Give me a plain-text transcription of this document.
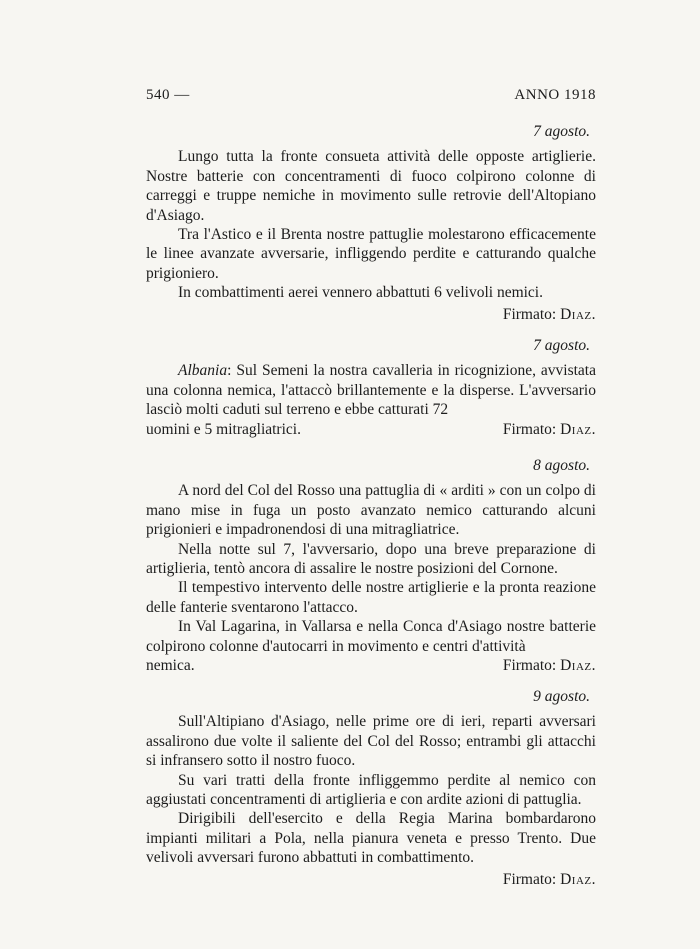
540 —	ANNO 1918
7 agosto.

Lungo tutta la fronte consueta attività delle opposte artiglierie. Nostre batterie con concentramenti di fuoco colpirono colonne di carreggi e truppe nemiche in movimento sulle retrovie dell'Altopiano d'Asiago.

Tra l'Astico e il Brenta nostre pattuglie molestarono efficacemente le linee avanzate avversarie, infliggendo perdite e catturando qualche prigioniero.

In combattimenti aerei vennero abbattuti 6 velivoli nemici.

Firmato: Diaz.
7 agosto.

Albania: Sul Semeni la nostra cavalleria in ricognizione, avvistata una colonna nemica, l'attaccò brillantemente e la disperse. L'avversario lasciò molti caduti sul terreno e ebbe catturati 72

uomini e 5 mitragliatrici.	Firmato: Diaz.
8 agosto.

A nord del Col del Rosso una pattuglia di « arditi » con un colpo di mano mise in fuga un posto avanzato nemico catturando alcuni prigionieri e impadronendosi di una mitragliatrice.

Nella notte sul 7, l'avversario, dopo una breve preparazione di artiglieria, tentò ancora di assalire le nostre posizioni del Cornone.

Il tempestivo intervento delle nostre artiglierie e la pronta reazione delle fanterie sventarono l'attacco.

In Val Lagarina, in Vallarsa e nella Conca d'Asiago nostre batterie colpirono colonne d'autocarri in movimento e centri d'attività

nemica.	Firmato: Diaz.
9 agosto.

Sull'Altipiano d'Asiago, nelle prime ore di ieri, reparti avversari assalirono due volte il saliente del Col del Rosso; entrambi gli attacchi si infransero sotto il nostro fuoco.

Su vari tratti della fronte infliggemmo perdite al nemico con aggiustati concentramenti di artiglieria e con ardite azioni di pattuglia.

Dirigibili dell'esercito e della Regia Marina bombardarono impianti militari a Pola, nella pianura veneta e presso Trento. Due velivoli avversari furono abbattuti in combattimento.

Firmato: Diaz.
